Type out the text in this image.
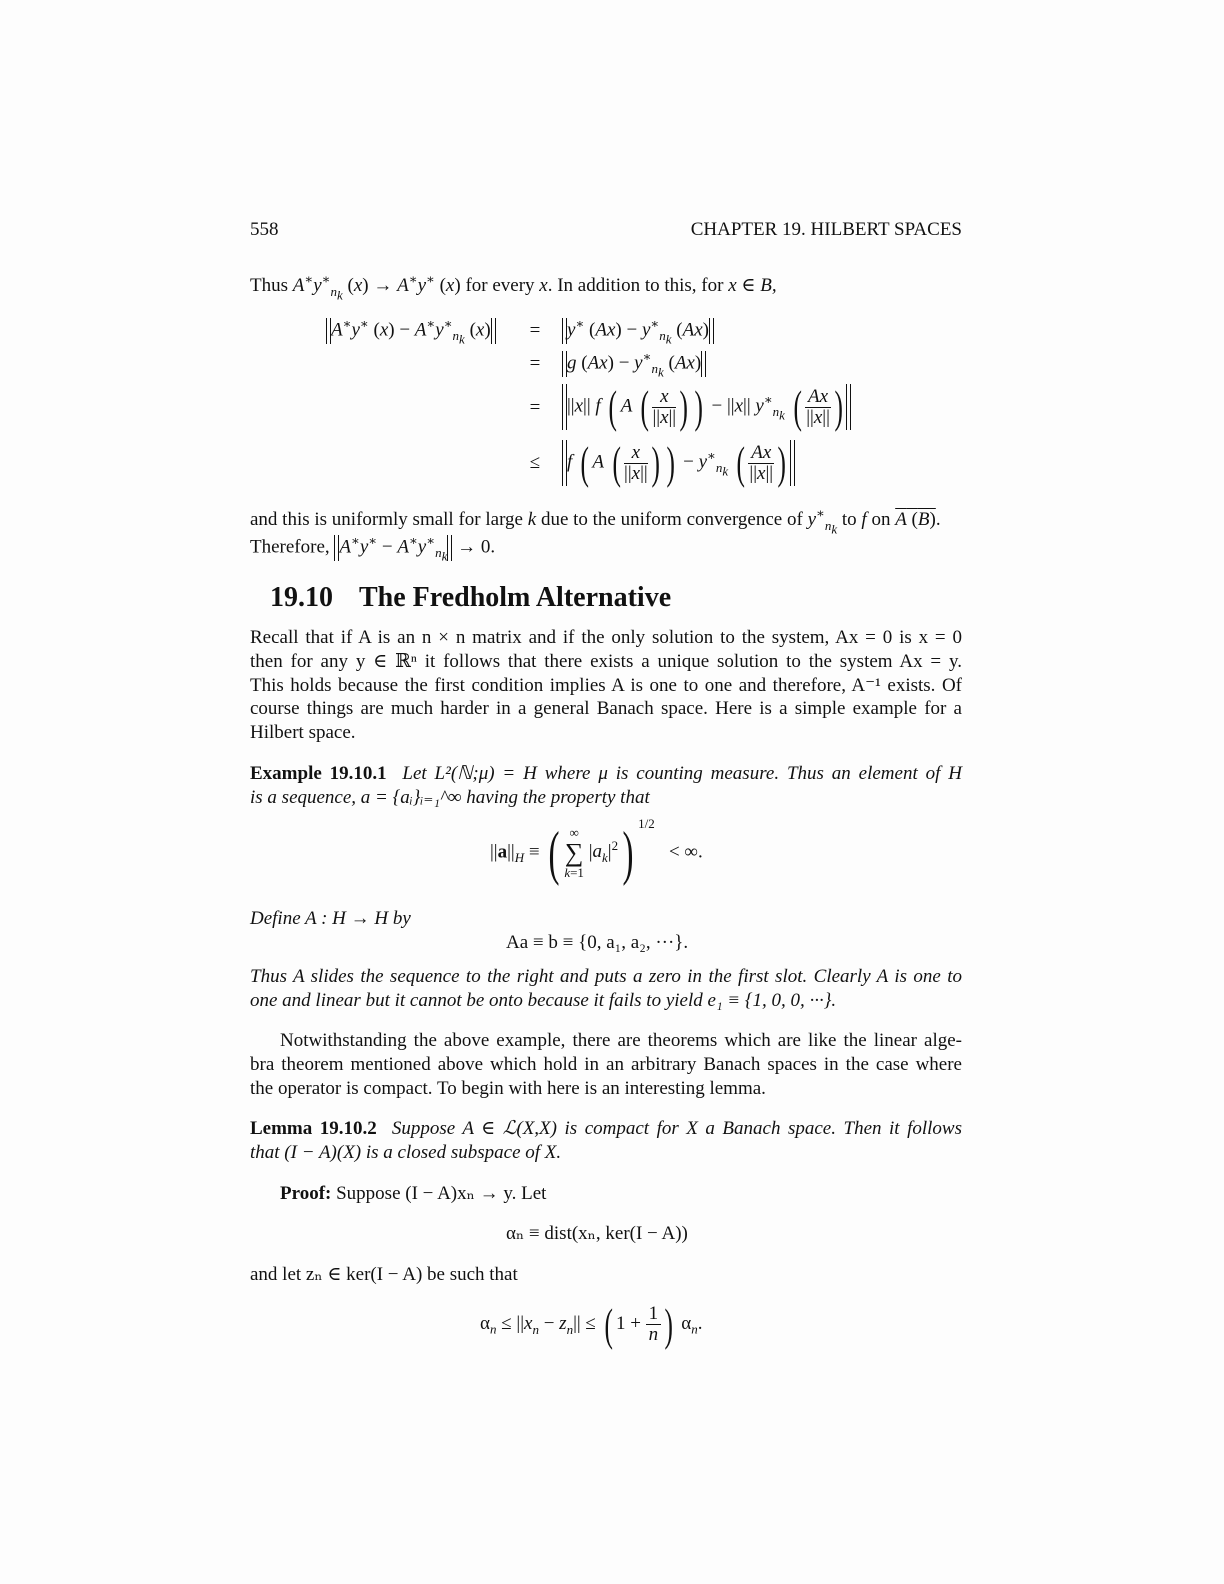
558	CHAPTER 19. HILBERT SPACES
Thus $A^∗y^∗_{n_k}$ (x) → A∗y∗ (x) for every x. In addition to this, for x ∈ B,
A∗y∗ $(x) - A^∗y^∗_{n_k}$ (x) = y∗ $(Ax) - y^∗_{n_k}$ (Ax)
= g $(Ax) - y^∗_{n_k}$ (Ax)
= ||x|| f ( A ( $\frac{x}{||x||}$ ) ) − ||x|| $y^∗_{n_k}$ ( $\frac{Ax}{||x||}$ )
≤ f ( A ( $\frac{x}{||x||}$ ) ) − $y^∗_{n_k}$ ( $\frac{Ax}{||x||}$ )
and this is uniformly small for large k due to the uniform convergence of $y^∗_{n_k}$ to f on A (B).
Therefore, $A^∗y^∗ - A^∗y^∗_{n_k} \to 0$.
19.10 The Fredholm Alternative
Recall that if A is an n × n matrix and if the only solution to the system, Ax = 0 is x = 0
then for any y ∈ ℝⁿ it follows that there exists a unique solution to the system Ax = y.
This holds because the first condition implies A is one to one and therefore, A⁻¹ exists. Of
course things are much harder in a general Banach space. Here is a simple example for a
Hilbert space.
Example 19.10.1 Let L²(ℕ;μ) = H where μ is counting measure. Thus an element of H
is a sequence, a = {aᵢ}ᵢ₌₁^∞ having the property that
$||a||_H$ ≡ ( ∞
∑
k=1 $|a_k|^2$) $^{1/2}$   < ∞.
Define A : H → H by
Aa ≡ b ≡ {0, a₁, a₂, ···}.
Thus A slides the sequence to the right and puts a zero in the first slot. Clearly A is one to
one and linear but it cannot be onto because it fails to yield e₁ ≡ {1, 0, 0, ···}.
Notwithstanding the above example, there are theorems which are like the linear alge-
bra theorem mentioned above which hold in an arbitrary Banach spaces in the case where
the operator is compact. To begin with here is an interesting lemma.
Lemma 19.10.2 Suppose A ∈ ℒ(X,X) is compact for X a Banach space. Then it follows
that (I − A)(X) is a closed subspace of X.
Proof: Suppose (I − A)xₙ → y. Let
αₙ ≡ dist(xₙ, ker(I − A))
and let zₙ ∈ ker(I − A) be such that
$\alpha_n \le ||x_n - z_n||$ ≤ ( $1 + \frac{1}{n}$ ) $\alpha_n$.
